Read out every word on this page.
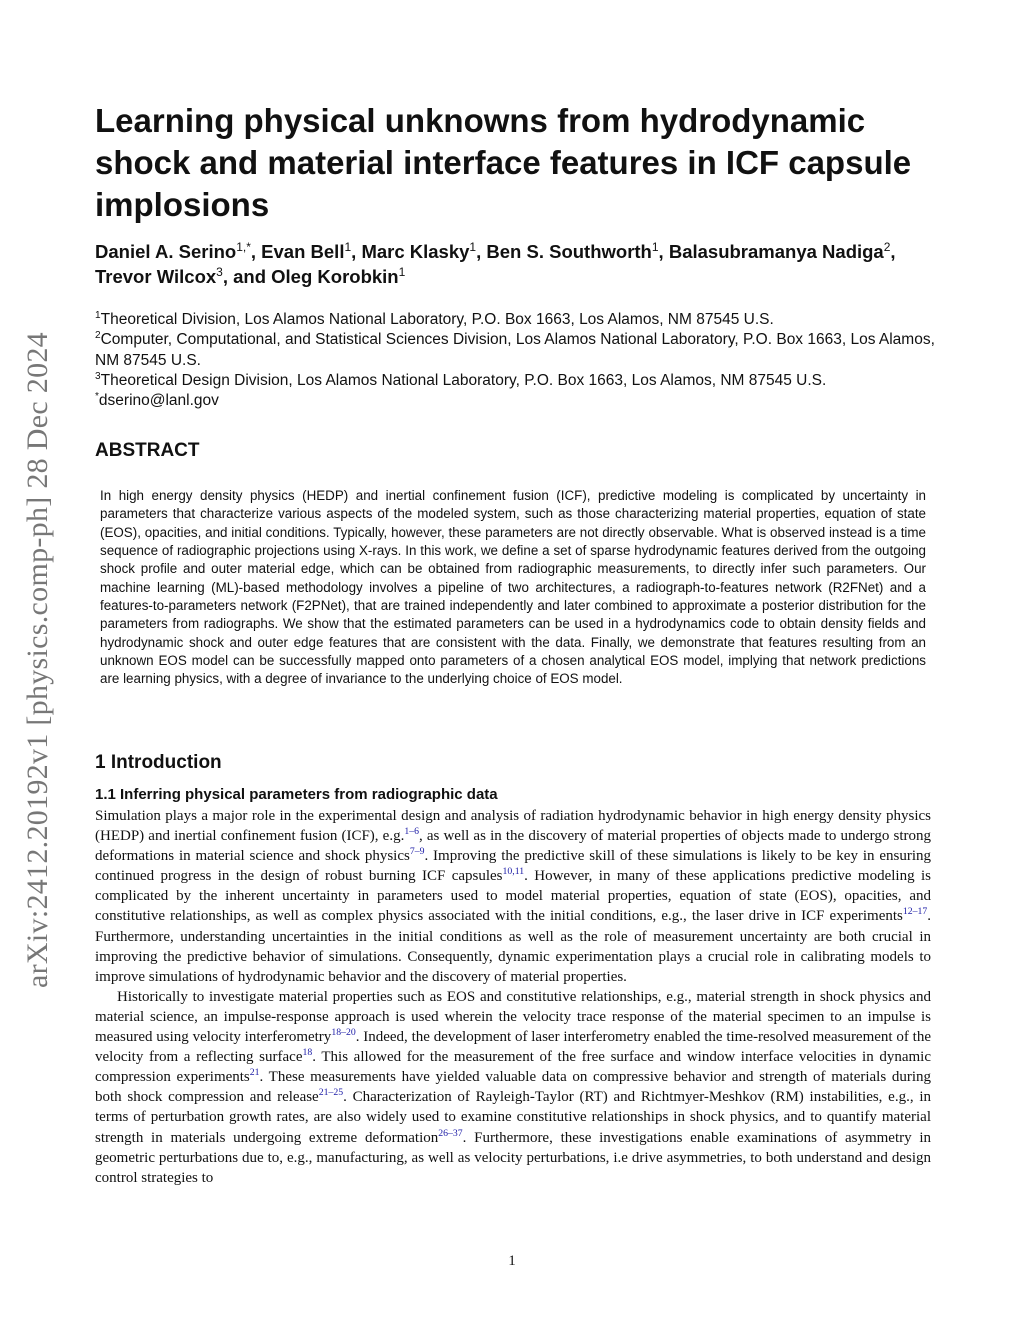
arXiv:2412.20192v1 [physics.comp-ph] 28 Dec 2024
Learning physical unknowns from hydrodynamic shock and material interface features in ICF capsule implosions

Daniel A. Serino$^{1,*}$, Evan Bell$^1$, Marc Klasky$^1$, Ben S. Southworth$^1$, Balasubramanya Nadiga$^2$, Trevor Wilcox$^3$, and Oleg Korobkin$^1$

$^1$Theoretical Division, Los Alamos National Laboratory, P.O. Box 1663, Los Alamos, NM 87545 U.S.
$^2$Computer, Computational, and Statistical Sciences Division, Los Alamos National Laboratory, P.O. Box 1663, Los Alamos, NM 87545 U.S.
$^3$Theoretical Design Division, Los Alamos National Laboratory, P.O. Box 1663, Los Alamos, NM 87545 U.S.
*dserino@lanl.gov
ABSTRACT

In high energy density physics (HEDP) and inertial confinement fusion (ICF), predictive modeling is complicated by uncertainty in parameters that characterize various aspects of the modeled system, such as those characterizing material properties, equation of state (EOS), opacities, and initial conditions. Typically, however, these parameters are not directly observable. What is observed instead is a time sequence of radiographic projections using X-rays. In this work, we define a set of sparse hydrodynamic features derived from the outgoing shock profile and outer material edge, which can be obtained from radiographic measurements, to directly infer such parameters. Our machine learning (ML)-based methodology involves a pipeline of two architectures, a radiograph-to-features network (R2FNet) and a features-to-parameters network (F2PNet), that are trained independently and later combined to approximate a posterior distribution for the parameters from radiographs. We show that the estimated parameters can be used in a hydrodynamics code to obtain density fields and hydrodynamic shock and outer edge features that are consistent with the data. Finally, we demonstrate that features resulting from an unknown EOS model can be successfully mapped onto parameters of a chosen analytical EOS model, implying that network predictions are learning physics, with a degree of invariance to the underlying choice of EOS model.

1 Introduction
1.1 Inferring physical parameters from radiographic data

Simulation plays a major role in the experimental design and analysis of radiation hydrodynamic behavior in high energy density physics (HEDP) and inertial confinement fusion (ICF), e.g.$^{1-6}$, as well as in the discovery of material properties of objects made to undergo strong deformations in material science and shock physics$^{7-9}$. Improving the predictive skill of these simulations is likely to be key in ensuring continued progress in the design of robust burning ICF capsules$^{10,11}$. However, in many of these applications predictive modeling is complicated by the inherent uncertainty in parameters used to model material properties, equation of state (EOS), opacities, and constitutive relationships, as well as complex physics associated with the initial conditions, e.g., the laser drive in ICF experiments$^{12-17}$. Furthermore, understanding uncertainties in the initial conditions as well as the role of measurement uncertainty are both crucial in improving the predictive behavior of simulations. Consequently, dynamic experimentation plays a crucial role in calibrating models to improve simulations of hydrodynamic behavior and the discovery of material properties.

Historically to investigate material properties such as EOS and constitutive relationships, e.g., material strength in shock physics and material science, an impulse-response approach is used wherein the velocity trace response of the material specimen to an impulse is measured using velocity interferometry$^{18-20}$. Indeed, the development of laser interferometry enabled the time-resolved measurement of the velocity from a reflecting surface$^{18}$. This allowed for the measurement of the free surface and window interface velocities in dynamic compression experiments$^{21}$. These measurements have yielded valuable data on compressive behavior and strength of materials during both shock compression and release$^{21-25}$. Characterization of Rayleigh-Taylor (RT) and Richtmyer-Meshkov (RM) instabilities, e.g., in terms of perturbation growth rates, are also widely used to examine constitutive relationships in shock physics, and to quantify material strength in materials undergoing extreme deformation$^{26-37}$. Furthermore, these investigations enable examinations of asymmetry in geometric perturbations due to, e.g., manufacturing, as well as velocity perturbations, i.e drive asymmetries, to both understand and design control strategies to

1
